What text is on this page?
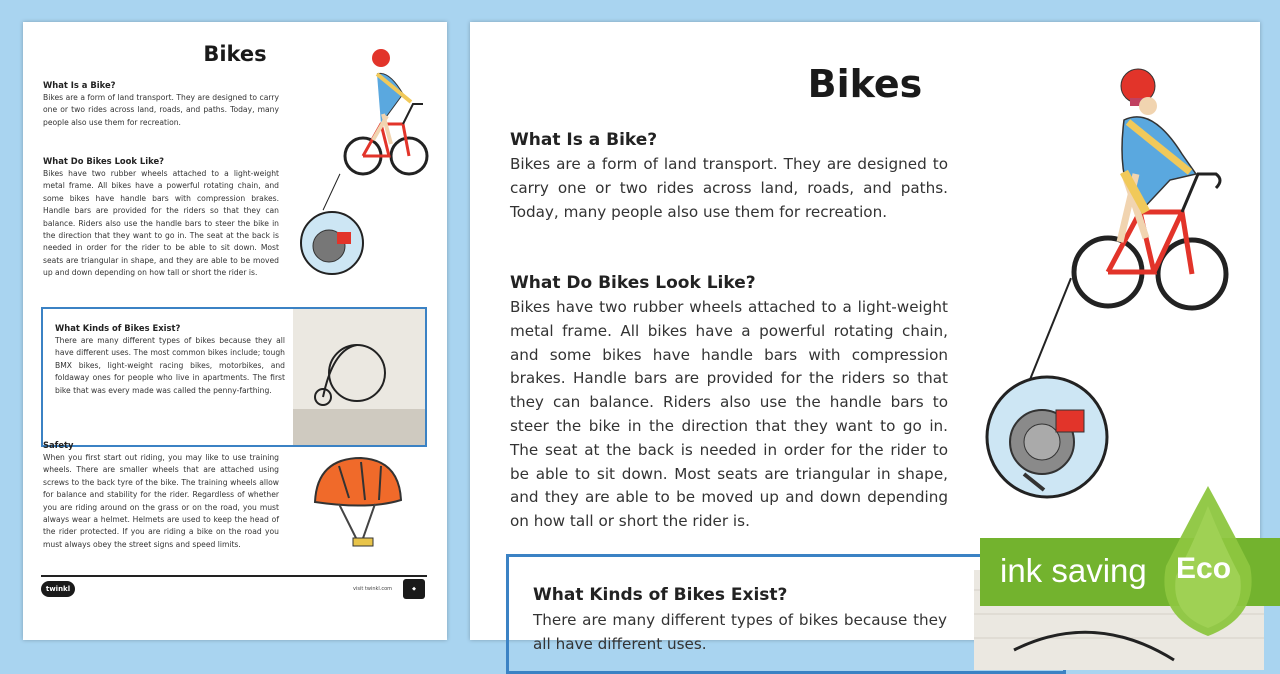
Bikes
What Is a Bike?
Bikes are a form of land transport. They are designed to carry one or two rides across land, roads, and paths. Today, many people also use them for recreation.
What Do Bikes Look Like?
Bikes have two rubber wheels attached to a light-weight metal frame. All bikes have a powerful rotating chain, and some bikes have handle bars with compression brakes. Handle bars are provided for the riders so that they can balance. Riders also use the handle bars to steer the bike in the direction that they want to go in. The seat at the back is needed in order for the rider to be able to sit down. Most seats are triangular in shape, and they are able to be moved up and down depending on how tall or short the rider is.
What Kinds of Bikes Exist?
There are many different types of bikes because they all have different uses. The most common bikes include; tough BMX bikes, light-weight racing bikes, motorbikes, and foldaway ones for people who live in apartments. The first bike that was every made was called the penny-farthing.
Safety
When you first start out riding, you may like to use training wheels. There are smaller wheels that are attached using screws to the back tyre of the bike. The training wheels allow for balance and stability for the rider. Regardless of whether you are riding around on the grass or on the road, you must always wear a helmet. Helmets are used to keep the head of the rider protected. If you are riding a bike on the road you must always obey the street signs and speed limits.
twinkl	visit twinkl.com	◆
Bikes
What Is a Bike?
Bikes are a form of land transport. They are designed to carry one or two rides across land, roads, and paths. Today, many people also use them for recreation.
What Do Bikes Look Like?
Bikes have two rubber wheels attached to a light-weight metal frame. All bikes have a powerful rotating chain, and some bikes have handle bars with compression brakes. Handle bars are provided for the riders so that they can balance. Riders also use the handle bars to steer the bike in the direction that they want to go in. The seat at the back is needed in order for the rider to be able to sit down. Most seats are triangular in shape, and they are able to be moved up and down depending on how tall or short the rider is.
What Kinds of Bikes Exist?
There are many different types of bikes because they all have different uses.
ink saving Eco
